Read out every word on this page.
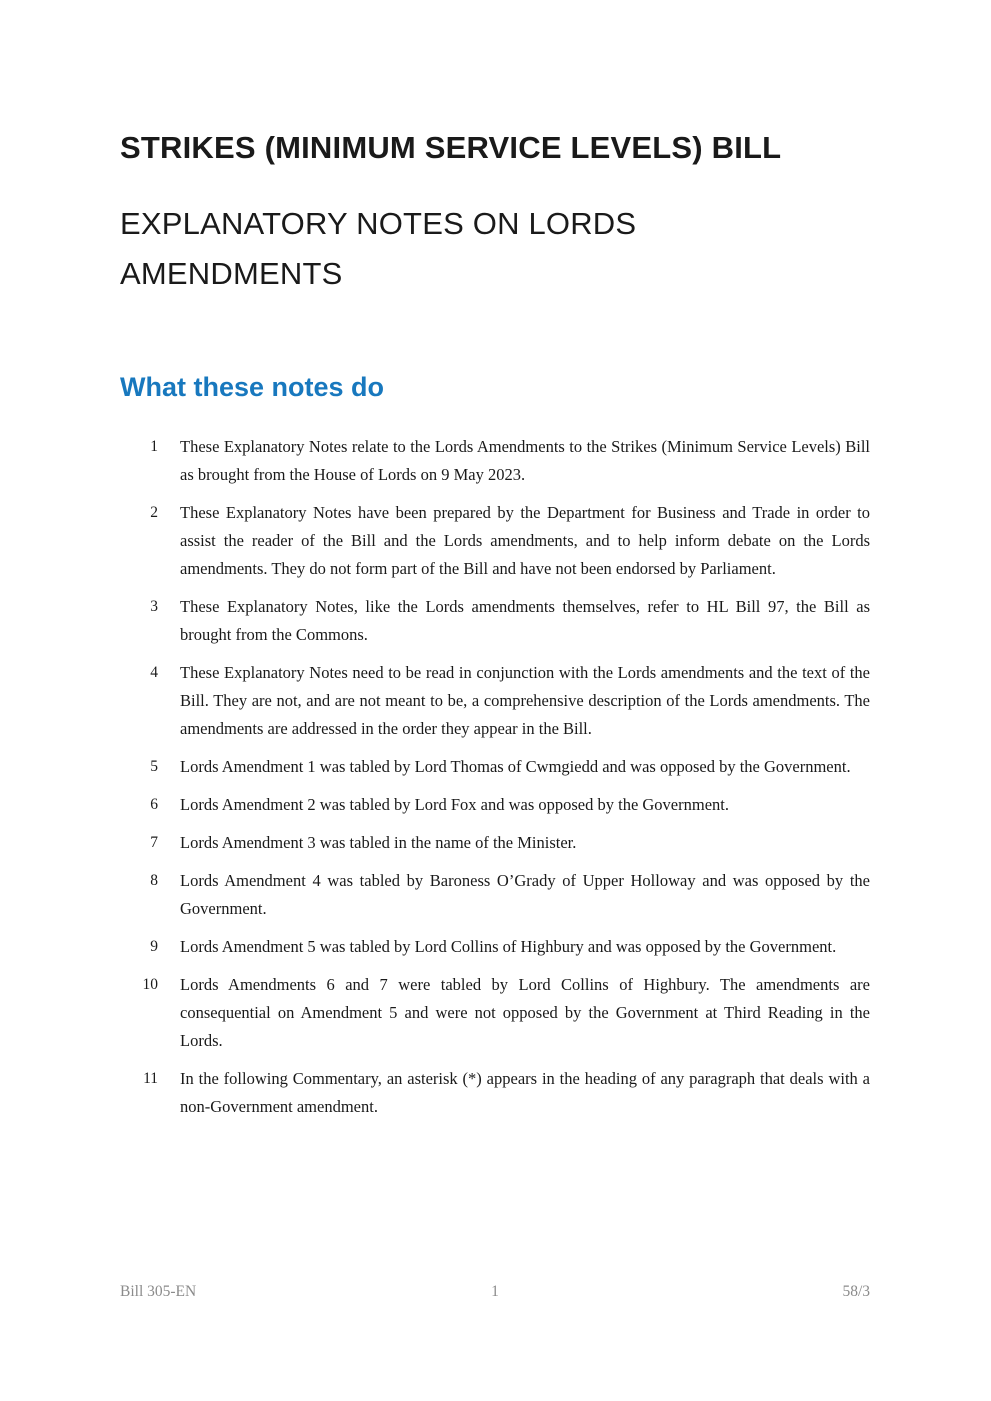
STRIKES (MINIMUM SERVICE LEVELS) BILL
EXPLANATORY NOTES ON LORDS AMENDMENTS
What these notes do
1 These Explanatory Notes relate to the Lords Amendments to the Strikes (Minimum Service Levels) Bill as brought from the House of Lords on 9 May 2023.
2 These Explanatory Notes have been prepared by the Department for Business and Trade in order to assist the reader of the Bill and the Lords amendments, and to help inform debate on the Lords amendments. They do not form part of the Bill and have not been endorsed by Parliament.
3 These Explanatory Notes, like the Lords amendments themselves, refer to HL Bill 97, the Bill as brought from the Commons.
4 These Explanatory Notes need to be read in conjunction with the Lords amendments and the text of the Bill. They are not, and are not meant to be, a comprehensive description of the Lords amendments. The amendments are addressed in the order they appear in the Bill.
5 Lords Amendment 1 was tabled by Lord Thomas of Cwmgiedd and was opposed by the Government.
6 Lords Amendment 2 was tabled by Lord Fox and was opposed by the Government.
7 Lords Amendment 3 was tabled in the name of the Minister.
8 Lords Amendment 4 was tabled by Baroness O’Grady of Upper Holloway and was opposed by the Government.
9 Lords Amendment 5 was tabled by Lord Collins of Highbury and was opposed by the Government.
10 Lords Amendments 6 and 7 were tabled by Lord Collins of Highbury. The amendments are consequential on Amendment 5 and were not opposed by the Government at Third Reading in the Lords.
11 In the following Commentary, an asterisk (*) appears in the heading of any paragraph that deals with a non-Government amendment.
Bill 305-EN	1	58/3
